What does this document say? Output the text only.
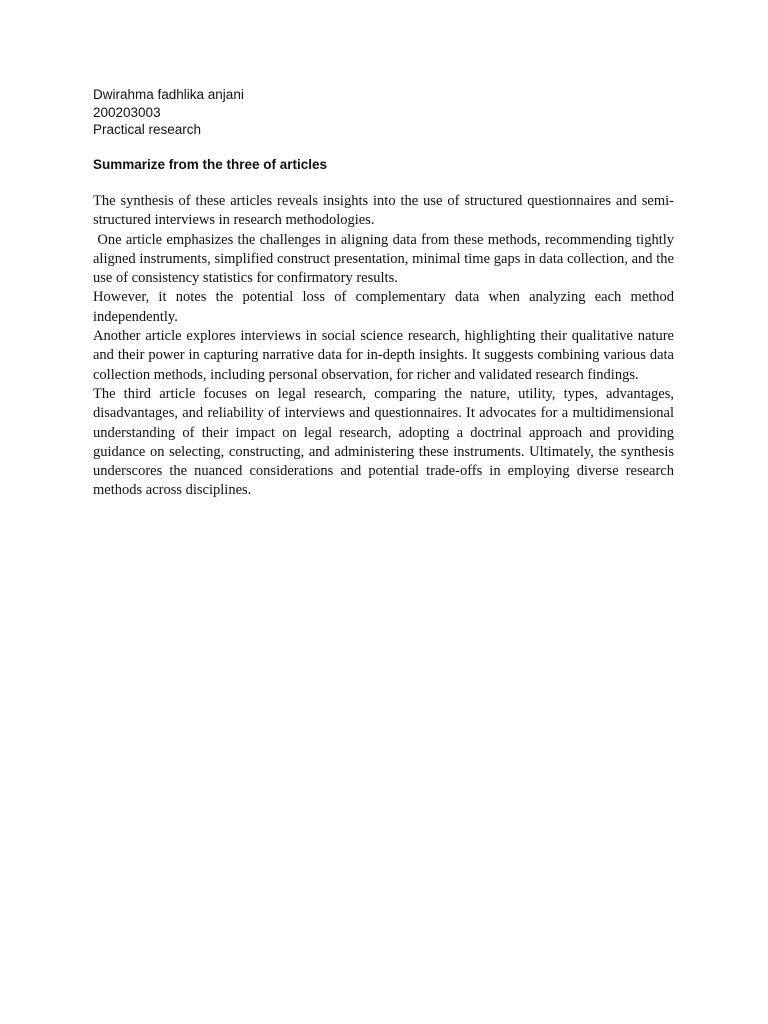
Dwirahma fadhlika anjani
200203003
Practical research
Summarize from the three of articles

The synthesis of these articles reveals insights into the use of structured questionnaires and semi-structured interviews in research methodologies.

One article emphasizes the challenges in aligning data from these methods, recommending tightly aligned instruments, simplified construct presentation, minimal time gaps in data collection, and the use of consistency statistics for confirmatory results.

However, it notes the potential loss of complementary data when analyzing each method independently.

Another article explores interviews in social science research, highlighting their qualitative nature and their power in capturing narrative data for in-depth insights. It suggests combining various data collection methods, including personal observation, for richer and validated research findings.

The third article focuses on legal research, comparing the nature, utility, types, advantages, disadvantages, and reliability of interviews and questionnaires. It advocates for a multidimensional understanding of their impact on legal research, adopting a doctrinal approach and providing guidance on selecting, constructing, and administering these instruments. Ultimately, the synthesis underscores the nuanced considerations and potential trade-offs in employing diverse research methods across disciplines.
